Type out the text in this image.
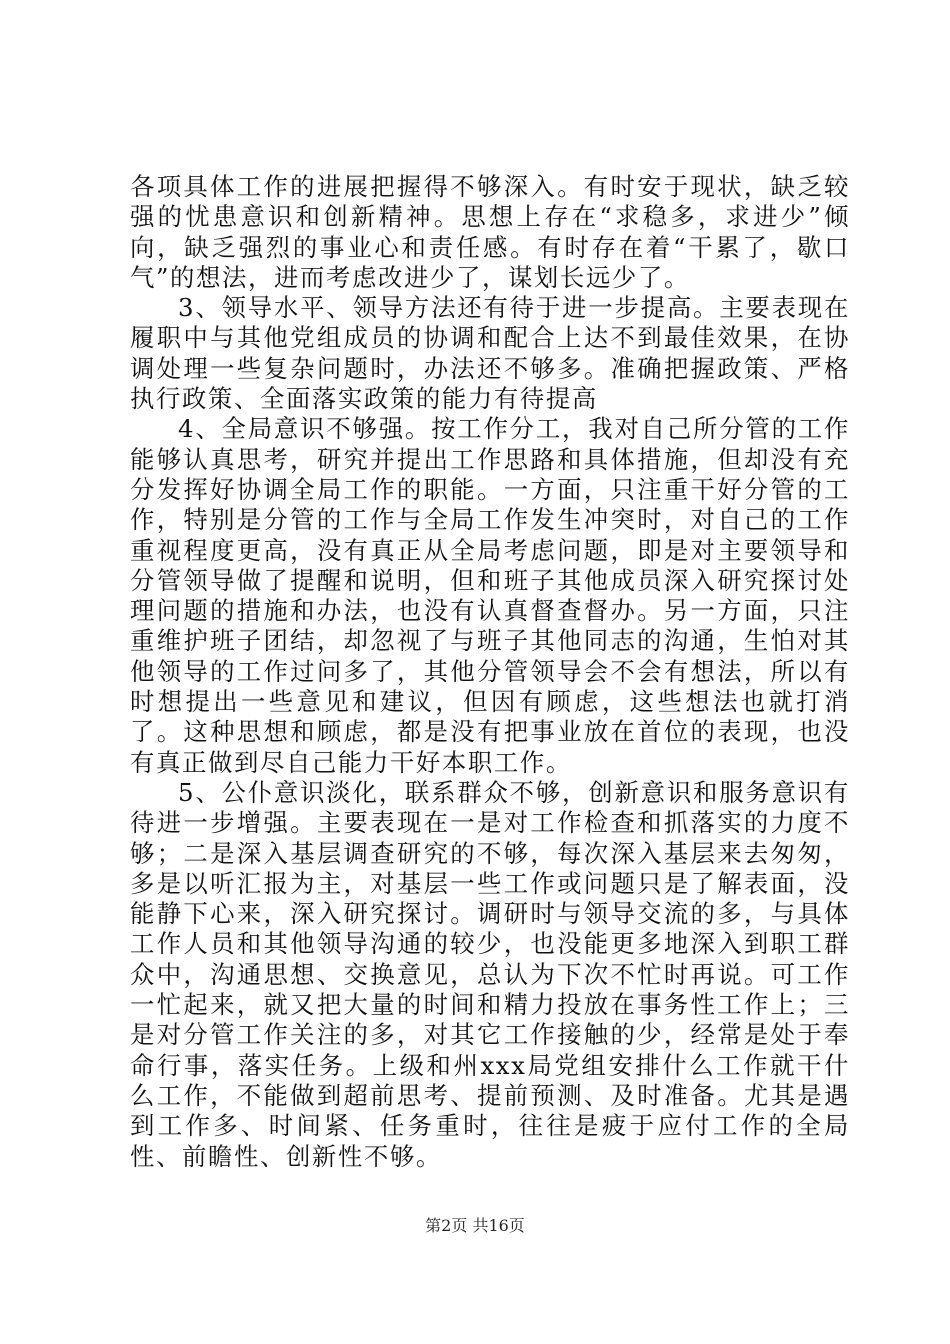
各项具体工作的进展把握得不够深入。有时安于现状，缺乏较强的忧患意识和创新精神。思想上存在“求稳多，求进少”倾向，缺乏强烈的事业心和责任感。有时存在着“干累了，歇口气”的想法，进而考虑改进少了，谋划长远少了。

3、领导水平、领导方法还有待于进一步提高。主要表现在履职中与其他党组成员的协调和配合上达不到最佳效果，在协调处理一些复杂问题时，办法还不够多。准确把握政策、严格执行政策、全面落实政策的能力有待提高

4、全局意识不够强。按工作分工，我对自己所分管的工作能够认真思考，研究并提出工作思路和具体措施，但却没有充分发挥好协调全局工作的职能。一方面，只注重干好分管的工作，特别是分管的工作与全局工作发生冲突时，对自己的工作重视程度更高，没有真正从全局考虑问题，即是对主要领导和分管领导做了提醒和说明，但和班子其他成员深入研究探讨处理问题的措施和办法，也没有认真督查督办。另一方面，只注重维护班子团结，却忽视了与班子其他同志的沟通，生怕对其他领导的工作过问多了，其他分管领导会不会有想法，所以有时想提出一些意见和建议，但因有顾虑，这些想法也就打消了。这种思想和顾虑，都是没有把事业放在首位的表现，也没有真正做到尽自己能力干好本职工作。

5、公仆意识淡化，联系群众不够，创新意识和服务意识有待进一步增强。主要表现在一是对工作检查和抓落实的力度不够；二是深入基层调查研究的不够，每次深入基层来去匆匆，多是以听汇报为主，对基层一些工作或问题只是了解表面，没能静下心来，深入研究探讨。调研时与领导交流的多，与具体工作人员和其他领导沟通的较少，也没能更多地深入到职工群众中，沟通思想、交换意见，总认为下次不忙时再说。可工作一忙起来，就又把大量的时间和精力投放在事务性工作上；三是对分管工作关注的多，对其它工作接触的少，经常是处于奉命行事，落实任务。上级和州xxx局党组安排什么工作就干什么工作，不能做到超前思考、提前预测、及时准备。尤其是遇到工作多、时间紧、任务重时，往往是疲于应付工作的全局性、前瞻性、创新性不够。

第2页 共16页
